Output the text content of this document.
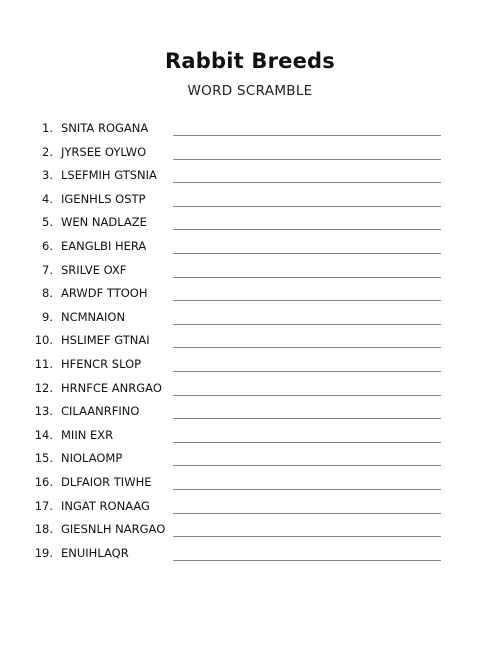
Rabbit Breeds
WORD SCRAMBLE
1. SNITA ROGANA
2. JYRSEE OYLWO
3. LSEFMIH GTSNIA
4. IGENHLS OSTP
5. WEN NADLAZE
6. EANGLBI HERA
7. SRILVE OXF
8. ARWDF TTOOH
9. NCMNAION
10. HSLIMEF GTNAI
11. HFENCR SLOP
12. HRNFCE ANRGAO
13. CILAANRFINO
14. MIIN EXR
15. NIOLAOMP
16. DLFAIOR TIWHE
17. INGAT RONAAG
18. GIESNLH NARGAO
19. ENUIHLAQR
